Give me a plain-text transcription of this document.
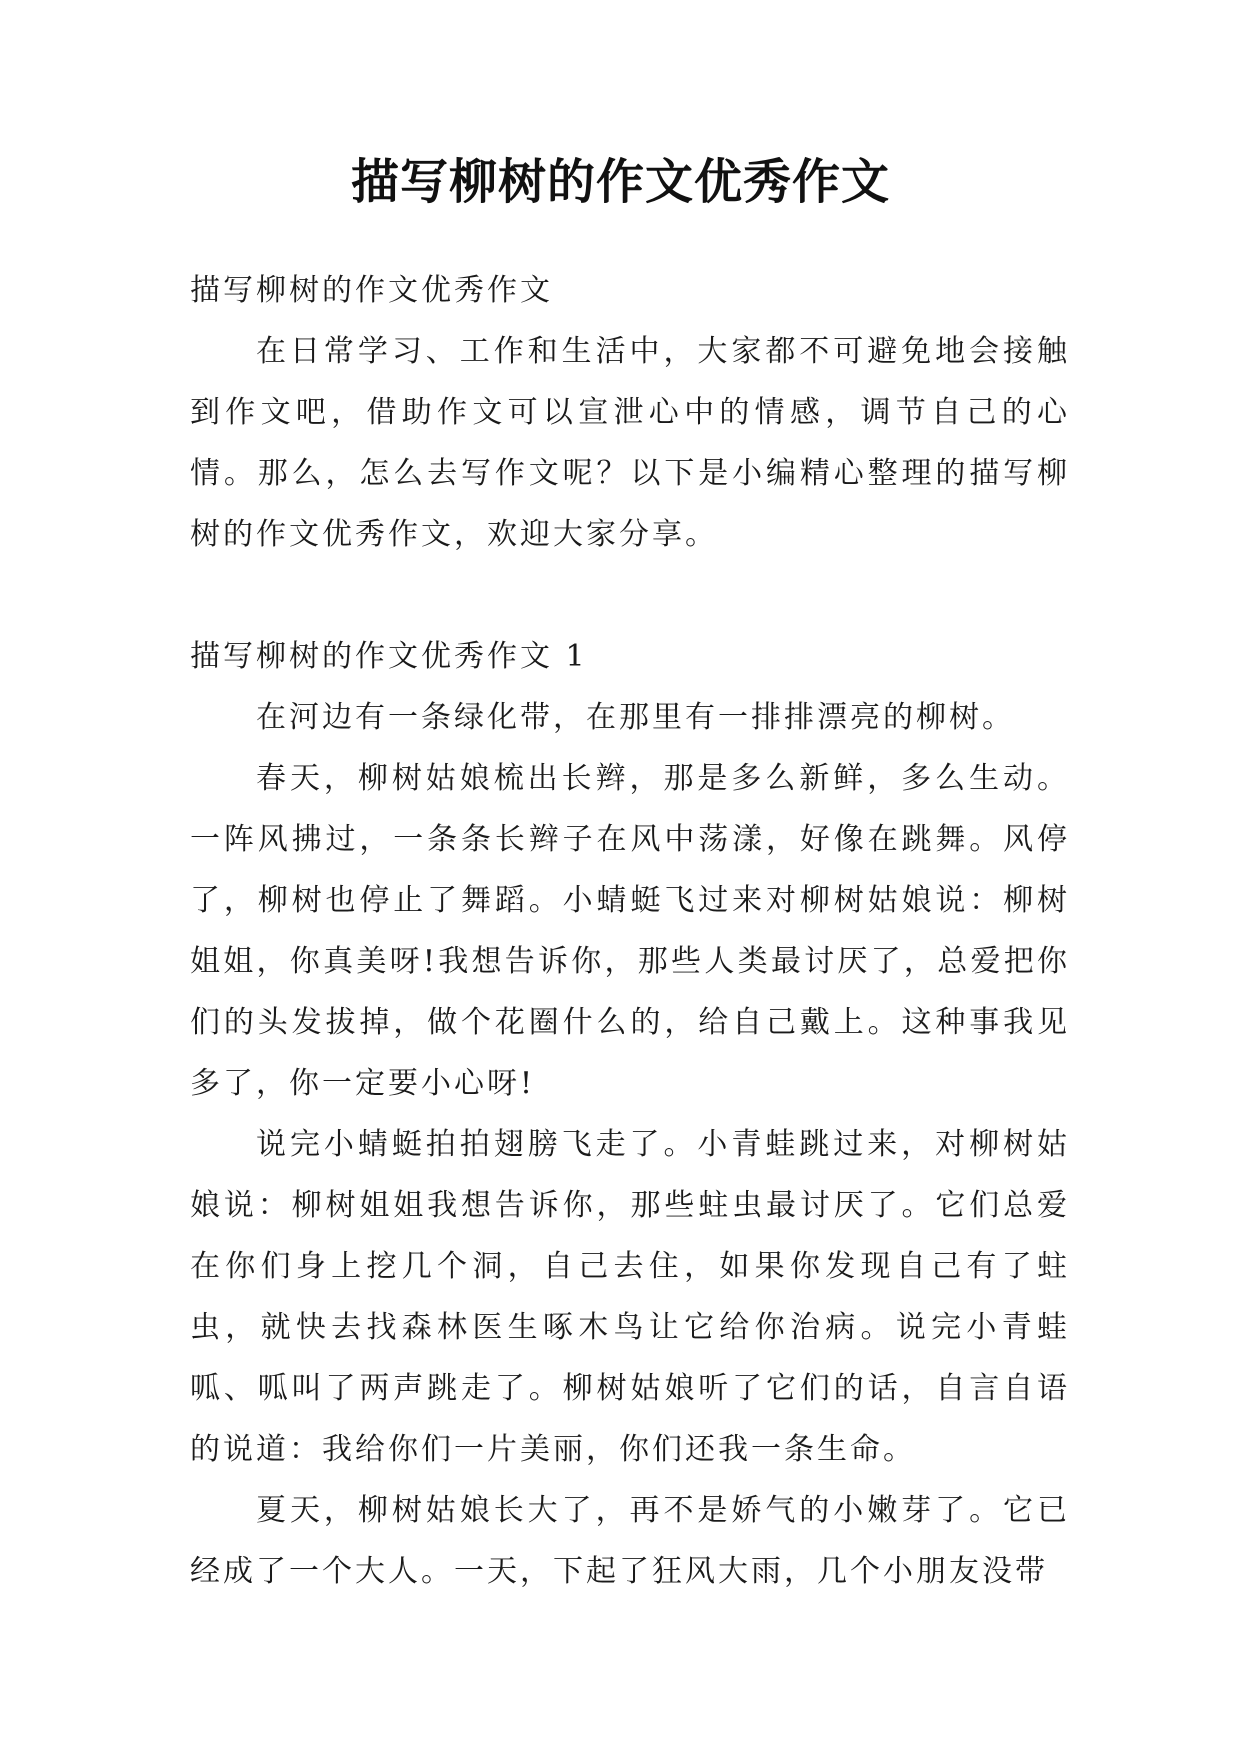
描写柳树的作文优秀作文

描写柳树的作文优秀作文

在日常学习、工作和生活中，大家都不可避免地会接触到作文吧，借助作文可以宣泄心中的情感，调节自己的心情。那么，怎么去写作文呢？以下是小编精心整理的描写柳树的作文优秀作文，欢迎大家分享。

描写柳树的作文优秀作文 1

在河边有一条绿化带，在那里有一排排漂亮的柳树。

春天，柳树姑娘梳出长辫，那是多么新鲜，多么生动。一阵风拂过，一条条长辫子在风中荡漾，好像在跳舞。风停了，柳树也停止了舞蹈。小蜻蜓飞过来对柳树姑娘说：柳树姐姐，你真美呀!我想告诉你，那些人类最讨厌了，总爱把你们的头发拔掉，做个花圈什么的，给自己戴上。这种事我见多了，你一定要小心呀!

说完小蜻蜓拍拍翅膀飞走了。小青蛙跳过来，对柳树姑娘说：柳树姐姐我想告诉你，那些蛀虫最讨厌了。它们总爱在你们身上挖几个洞，自己去住，如果你发现自己有了蛀虫，就快去找森林医生啄木鸟让它给你治病。说完小青蛙呱、呱叫了两声跳走了。柳树姑娘听了它们的话，自言自语的说道：我给你们一片美丽，你们还我一条生命。

夏天，柳树姑娘长大了，再不是娇气的小嫩芽了。它已经成了一个大人。一天，下起了狂风大雨，几个小朋友没带
